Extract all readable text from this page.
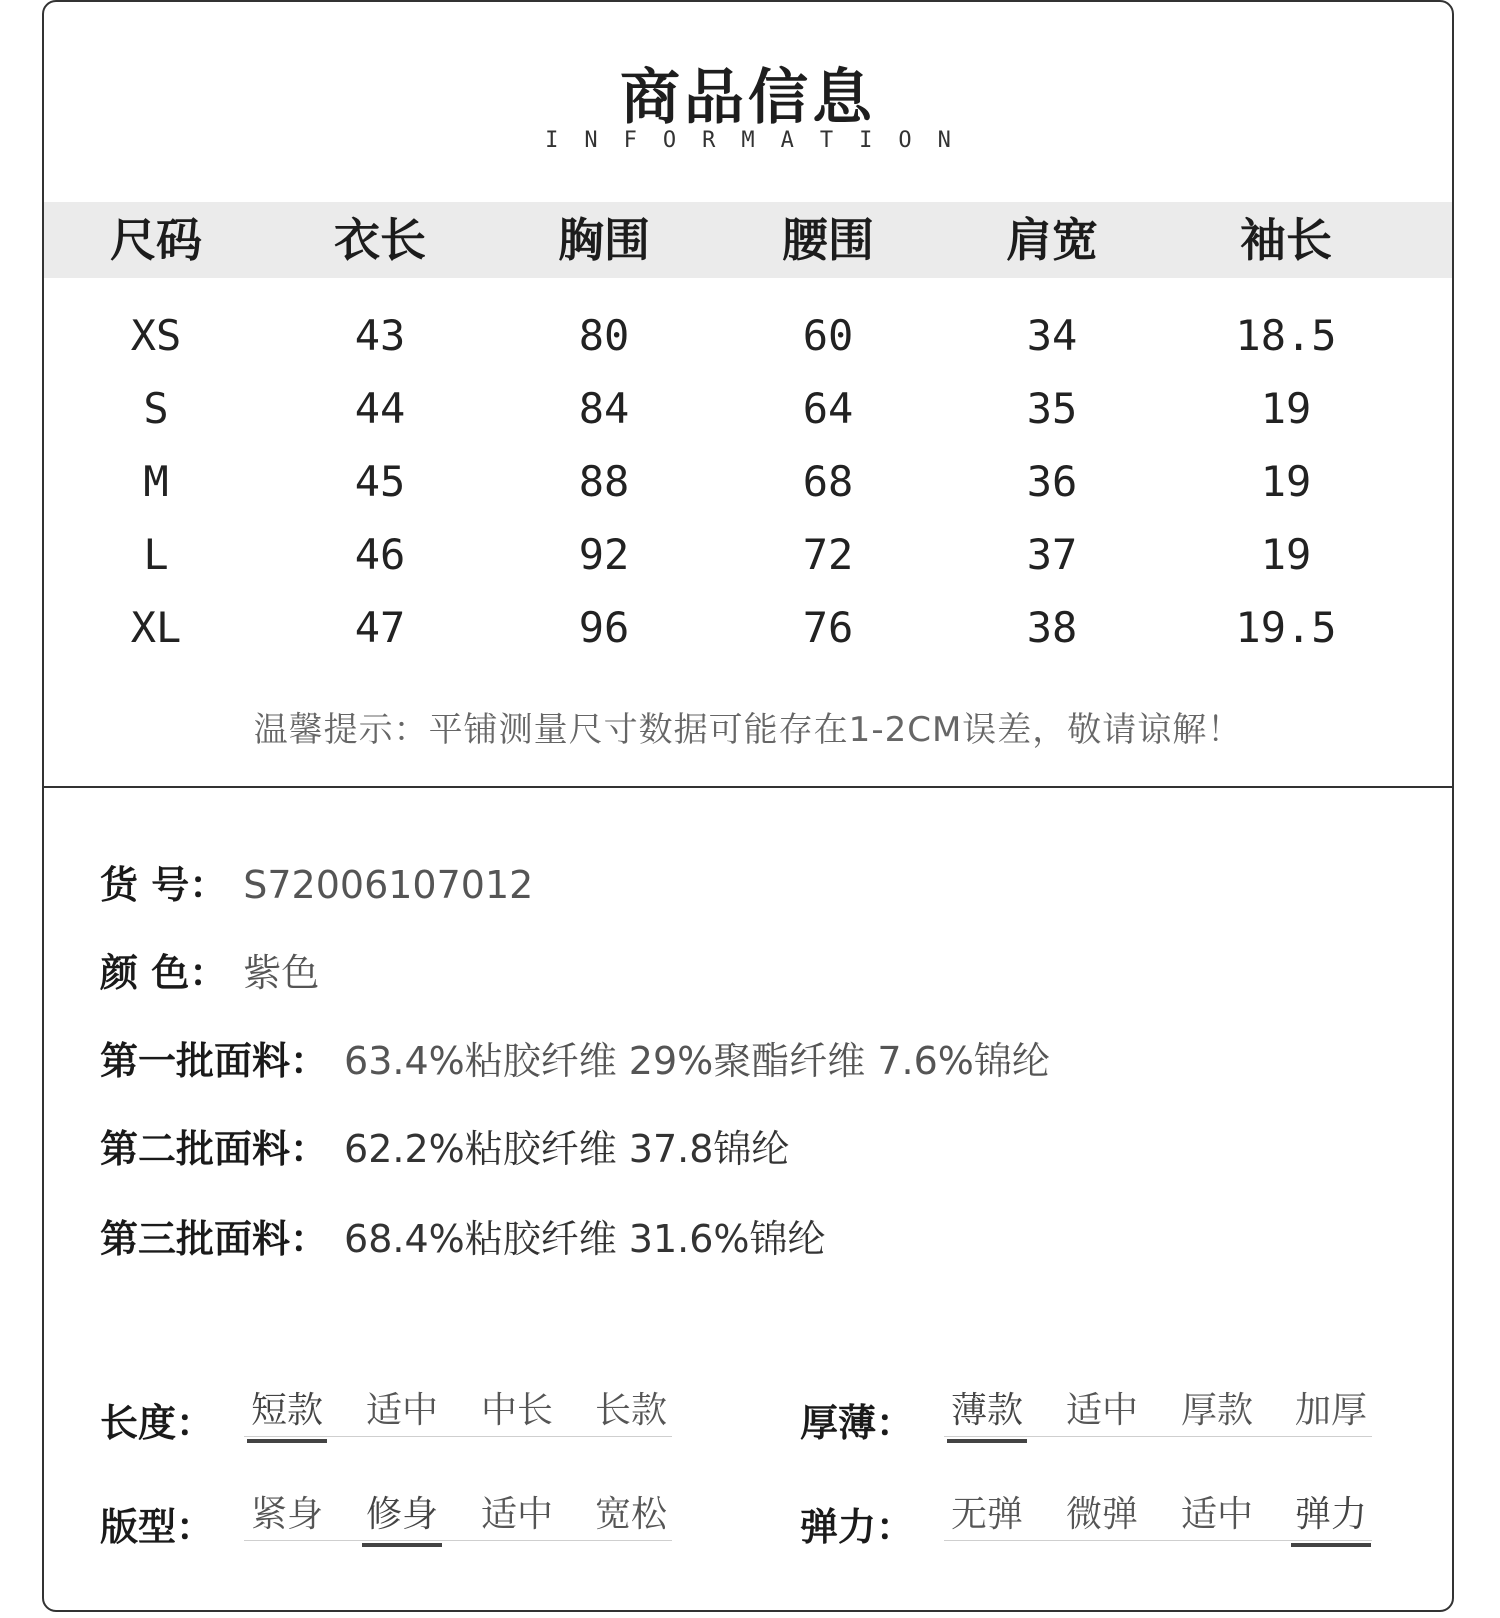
商品信息
INFORMATION
尺码	衣长	胸围	腰围	肩宽	袖长
XS	43	80	60	34	18.5
S	44	84	64	35	19
M	45	88	68	36	19
L	46	92	72	37	19
XL	47	96	76	38	19.5
温馨提示：平铺测量尺寸数据可能存在1-2CM误差，敬请谅解！
货 号： S72006107012
颜 色： 紫色
第一批面料： 63.4%粘胶纤维 29%聚酯纤维 7.6%锦纶
第二批面料： 62.2%粘胶纤维 37.8锦纶
第三批面料： 68.4%粘胶纤维 31.6%锦纶
长度： 短款 适中 中长 长款	厚薄： 薄款 适中 厚款 加厚
版型： 紧身 修身 适中 宽松	弹力： 无弹 微弹 适中 弹力
